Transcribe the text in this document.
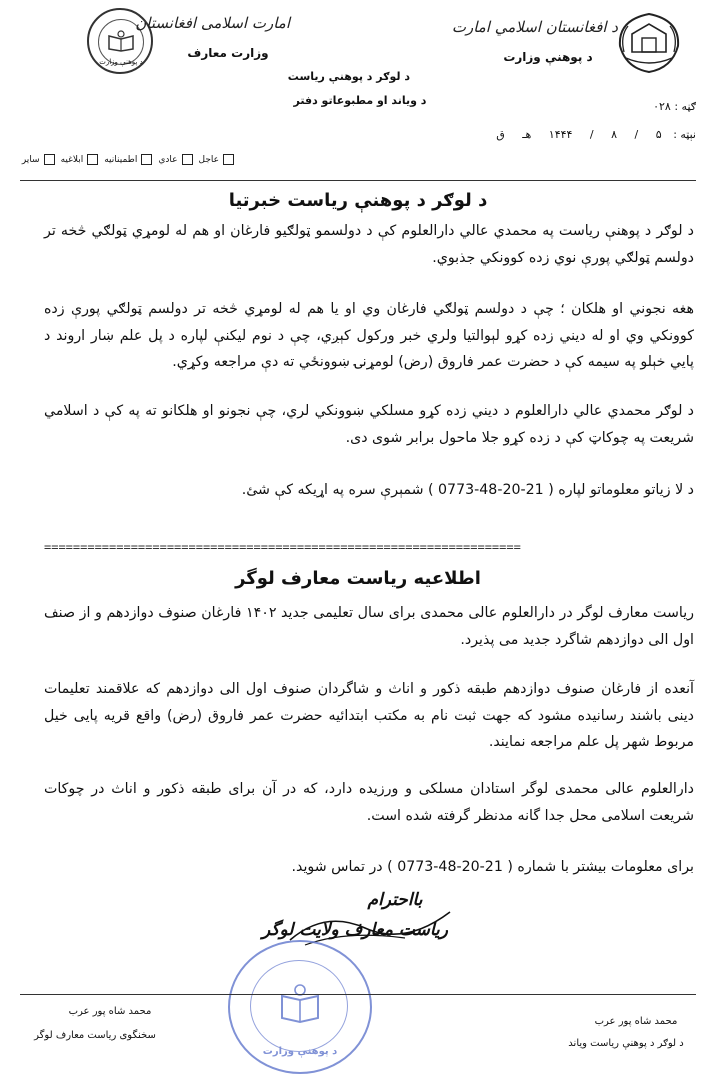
د پوهنې وزارت
امارت اسلامی افغانستان
وزارت معارف
د افغانستان اسلامي امارت
د پوهنې وزارت
د لوګر د پوهنې ریاست
د ویاند او مطبوعاتو دفتر	ګڼه : ۰۲۸
نېټه : ۵ / ۸ / ۱۴۴۴ هـ ق
عاجل
عادي
اطمینانیه
ابلاغیه
سایر
د لوګر د پوهنې ریاست خبرتیا
د لوګر د پوهنې ریاست په محمدي عالي دارالعلوم کې د دولسمو ټولګیو فارغان او هم له لومړي ټولګي څخه تر دولسم ټولګي پورې نوي زده کوونکي جذبوي.
هغه نجوني او هلکان ؛ چې د دولسم ټولګي فارغان وي او یا هم له لومړي څخه تر دولسم ټولګي پورې زده کوونکي وي او له دیني زده کړو لېوالتیا ولري خبر ورکول کېږي، چې د نوم لیکنې لپاره د پل علم ښار اروند د پایي خېلو په سیمه کې د حضرت عمر فاروق (رض) لومړنۍ ښوونځي ته دې مراجعه وکړي.
د لوګر محمدي عالي دارالعلوم د دیني زده کړو مسلکي ښوونکي لري، چې نجونو او هلکانو ته په کې د اسلامي شریعت په چوکاټ کې د زده کړو جلا ماحول برابر شوی دی.
د لا زیاتو معلوماتو لپاره ( 21-20-48-0773 ) شمېرې سره په اړیکه کې شئ.
==================================================================
اطلاعیه ریاست معارف لوگر
ریاست معارف لوگر در دارالعلوم عالی محمدی برای سال تعلیمی جدید ۱۴۰۲ فارغان صنوف دوازدهم و از صنف اول الی دوازدهم شاگرد جدید می پذیرد.
آنعده از فارغان صنوف دوازدهم طبقه ذکور و اناث و شاگردان صنوف اول الی دوازدهم که علاقمند تعلیمات دینی باشند رسانیده مشود که جهت ثبت نام به مکتب ابتدائیه حضرت عمر فاروق (رض) واقع قریه پایی خیل مربوط شهر پل علم مراجعه نمایند.
دارالعلوم عالی محمدی لوگر استادان مسلکی و ورزیده دارد، که در آن برای طبقه ذکور و اناث در چوکات شریعت اسلامی محل جدا گانه مدنظر گرفته شده است.
برای معلومات بیشتر با شماره ( 21-20-48-0773 ) در تماس شوید.
بااحترام
ریاست معارف ولایت لوگر
د پوهنې وزارت
محمد شاه پور عرب
سخنگوی ریاست معارف لوگر
محمد شاه پور عرب
د لوګر د پوهنې ریاست ویاند
